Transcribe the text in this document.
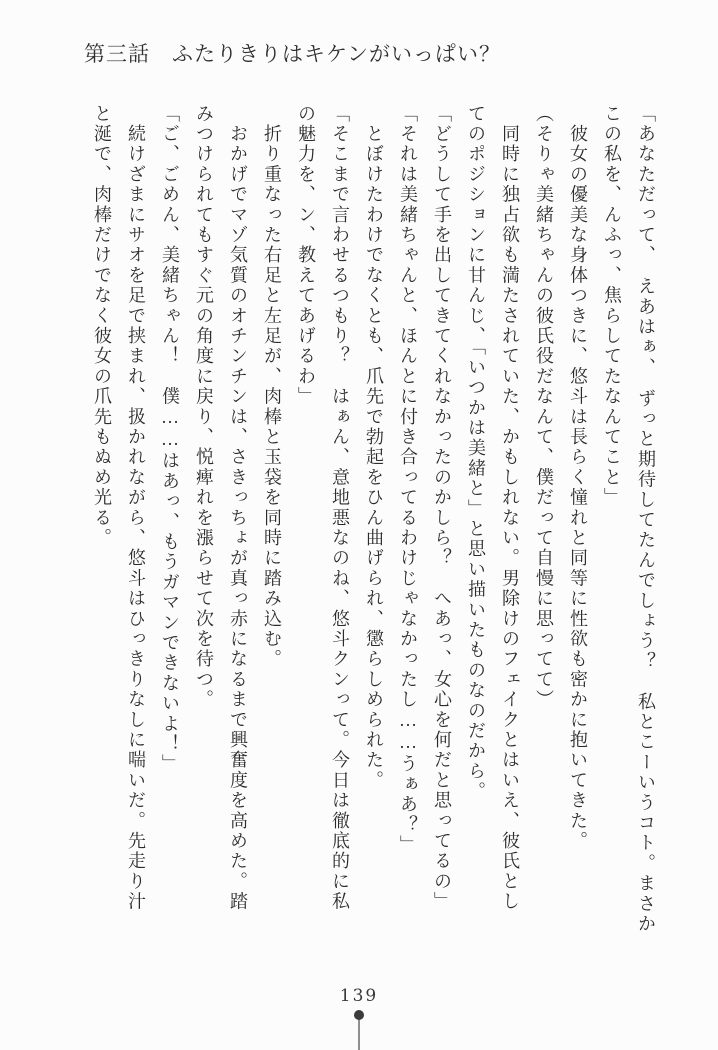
第三話　ふたりきりはキケンがいっぱい？
「あなただって、　えあはぁ、　ずっと期待してたんでしょう？　私とこーいうコト。まさか
この私を、んふっ、焦らしてたなんてこと」
　彼女の優美な身体つきに、悠斗は長らく憧れと同等に性欲も密かに抱いてきた。
（そりゃ美緒ちゃんの彼氏役だなんて、僕だって自慢に思ってて）
　同時に独占欲も満たされていた、かもしれない。男除けのフェイクとはいえ、彼氏とし
てのポジションに甘んじ、「いつかは美緒と」と思い描いたものなのだから。
「どうして手を出してきてくれなかったのかしら？　へあっ、女心を何だと思ってるの」
「それは美緒ちゃんと、ほんとに付き合ってるわけじゃなかったし……うぁあ？」
　とぼけたわけでなくとも、爪先で勃起をひん曲げられ、懲らしめられた。
「そこまで言わせるつもり？　はぁん、意地悪なのね、悠斗クンって。今日は徹底的に私
の魅力を、ン、教えてあげるわ」
　折り重なった右足と左足が、肉棒と玉袋を同時に踏み込む。
　おかげでマゾ気質のオチンチンは、さきっちょが真っ赤になるまで興奮度を高めた。踏
みつけられてもすぐ元の角度に戻り、悦痺れを漲らせて次を待つ。
「ご、ごめん、美緒ちゃん！　僕……はあっ、もうガマンできないよ！」
　続けざまにサオを足で挟まれ、扱かれながら、悠斗はひっきりなしに喘いだ。先走り汁
と涎で、肉棒だけでなく彼女の爪先もぬめ光る。
139
